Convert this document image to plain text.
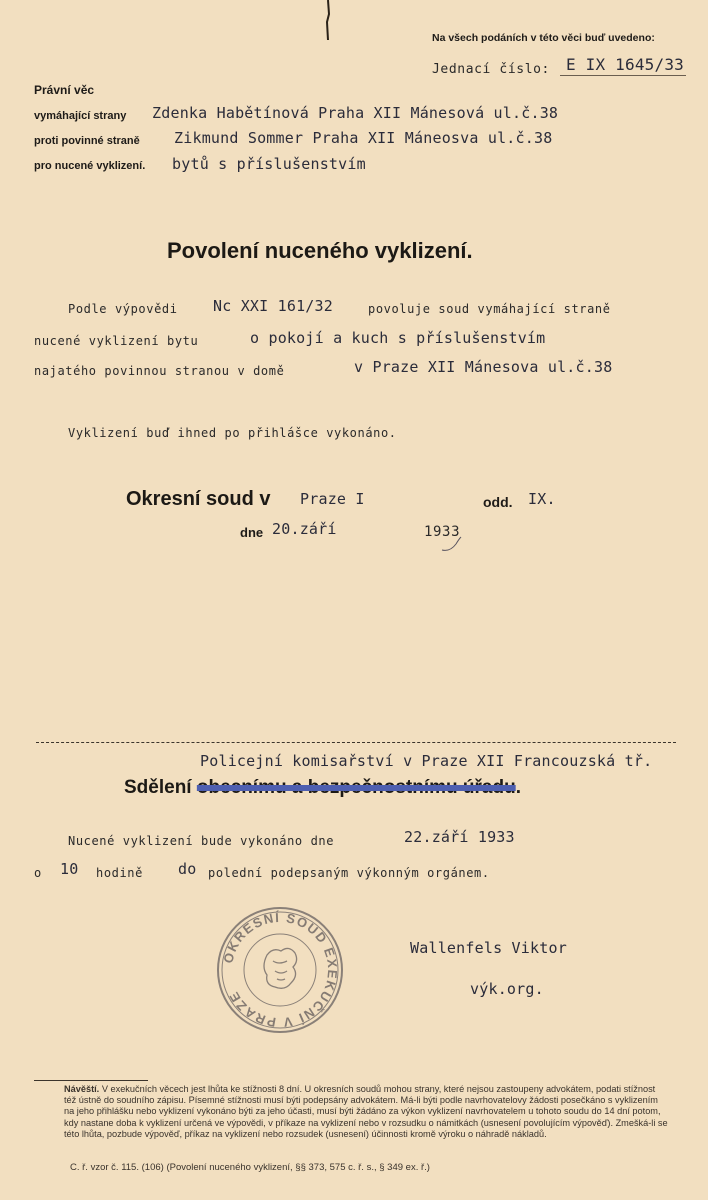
Na všech podáních v této věci buď uvedeno:
Jednací číslo: E IX 1645/33
Právní věc
vymáhající strany Zdenka Habětínová Praha XII Mánesová ul.č.38
proti povinné straně Zikmund Sommer Praha XII Máneosva ul.č.38
pro nucené vyklizení. bytů s příslušenstvím
Povolení nuceného vyklizení.
Podle výpovědi Nc XXI 161/32	povoluje soud vymáhající straně
nucené vyklizení bytu	o pokojí a kuch s příslušenstvím
najatého povinnou stranou v domě	v Praze XII Mánesova ul.č.38
Vyklizení buď ihned po přihlášce vykonáno.
Okresní soud v Praze I	odd. IX.
dne 20.září	1933
Policejní komisařství v Praze XII Francouzská tř.
Sdělení obecnímu a bezpečnostnímu úřadu.
Nucené vyklizení bude vykonáno dne	22.září 1933
o 10 hodině do polední podepsaným výkonným orgánem.
OKRESNÍ SOUD EXEKUČNÍ V PRAZE
Wallenfels Viktor
výk.org.
Návěští. V exekučních věcech jest lhůta ke stížnosti 8 dní. U okresních soudů mohou strany, které nejsou zastoupeny advokátem, podati stížnost též ústně do soudního zápisu. Písemné stížnosti musí býti podepsány advokátem. Má-li býti podle navrhovatelovy žádosti posečkáno s vyklizením na jeho přihlášku nebo vyklizení vykonáno býti za jeho účasti, musí býti žádáno za výkon vyklizení navrhovatelem u tohoto soudu do 14 dní potom, kdy nastane doba k vyklizení určená ve výpovědi, v příkaze na vyklizení nebo v rozsudku o námitkách (usnesení povolujícím výpověď). Zmešká-li se této lhůta, pozbude výpověď, příkaz na vyklizení nebo rozsudek (usnesení) účinnosti kromě výroku o náhradě nákladů.
C. ř. vzor č. 115. (106) (Povolení nuceného vyklizení, §§ 373, 575 c. ř. s., § 349 ex. ř.)
